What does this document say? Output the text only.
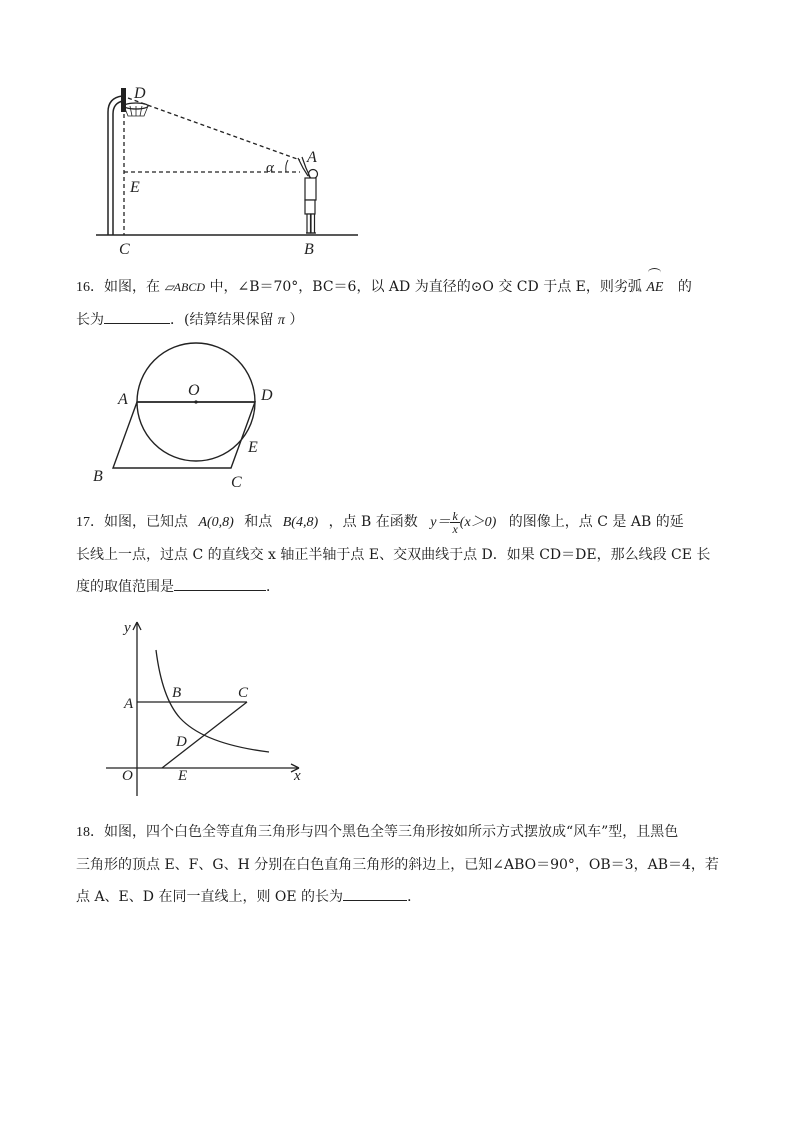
D
α
A
E
C	B
16．如图，在 ▱ABCD 中，∠B＝70°，BC＝6，以 AD 为直径的⊙O 交 CD 于点 E，则劣弧 AE 的
长为	．(结算结果保留 π ）
O
A	D
E
B	C
17．如图，已知点 A(0,8) 和点 B(4,8) ，点 B 在函数 $y= \frac{k}{x} (x>0)$ 的图像上，点 C 是 AB 的延
长线上一点，过点 C 的直线交 x 轴正半轴于点 E、交双曲线于点 D．如果 CD＝DE，那么线段 CE 长
度的取值范围是	．
y
x
O
A
B	C
D
E
18．如图，四个白色全等直角三角形与四个黑色全等三角形按如所示方式摆放成“风车”型，且黑色
三角形的顶点 E、F、G、H 分别在白色直角三角形的斜边上，已知∠ABO＝90°，OB＝3，AB＝4，若
点 A、E、D 在同一直线上，则 OE 的长为	．
